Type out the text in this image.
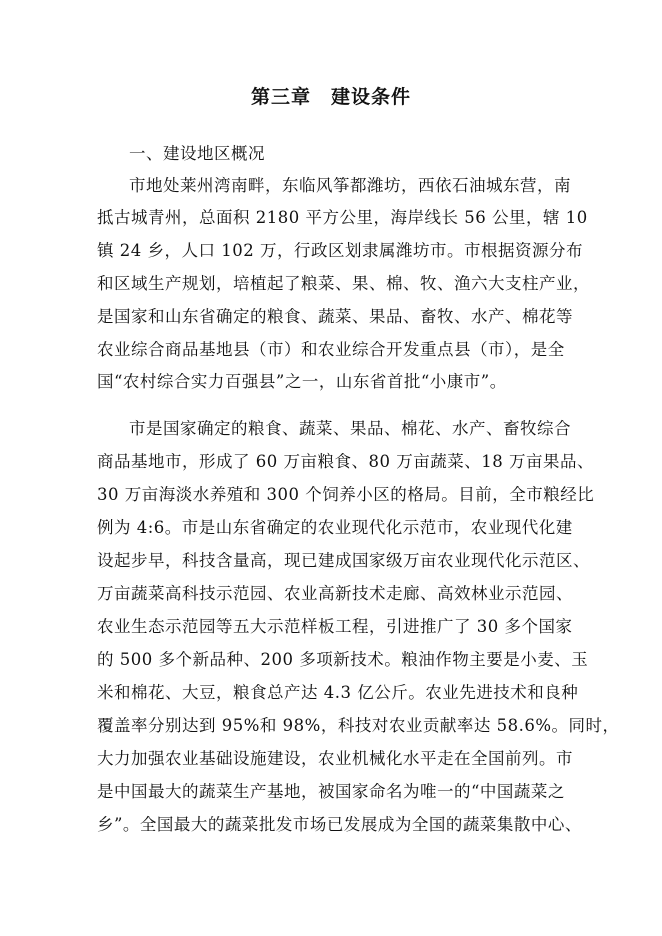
第三章　建设条件
一、建设地区概况
市地处莱州湾南畔，东临风筝都潍坊，西依石油城东营，南
抵古城青州，总面积 2180 平方公里，海岸线长 56 公里，辖 10
镇 24 乡，人口 102 万，行政区划隶属潍坊市。市根据资源分布
和区域生产规划，培植起了粮菜、果、棉、牧、渔六大支柱产业，
是国家和山东省确定的粮食、蔬菜、果品、畜牧、水产、棉花等
农业综合商品基地县（市）和农业综合开发重点县（市），是全
国“农村综合实力百强县”之一，山东省首批“小康市”。
市是国家确定的粮食、蔬菜、果品、棉花、水产、畜牧综合
商品基地市，形成了 60 万亩粮食、80 万亩蔬菜、18 万亩果品、
30 万亩海淡水养殖和 300 个饲养小区的格局。目前，全市粮经比
例为 4:6。市是山东省确定的农业现代化示范市，农业现代化建
设起步早，科技含量高，现已建成国家级万亩农业现代化示范区、
万亩蔬菜高科技示范园、农业高新技术走廊、高效林业示范园、
农业生态示范园等五大示范样板工程，引进推广了 30 多个国家
的 500 多个新品种、200 多项新技术。粮油作物主要是小麦、玉
米和棉花、大豆，粮食总产达 4.3 亿公斤。农业先进技术和良种
覆盖率分别达到 95%和 98%，科技对农业贡献率达 58.6%。同时，
大力加强农业基础设施建设，农业机械化水平走在全国前列。市
是中国最大的蔬菜生产基地，被国家命名为唯一的“中国蔬菜之
乡”。全国最大的蔬菜批发市场已发展成为全国的蔬菜集散中心、
